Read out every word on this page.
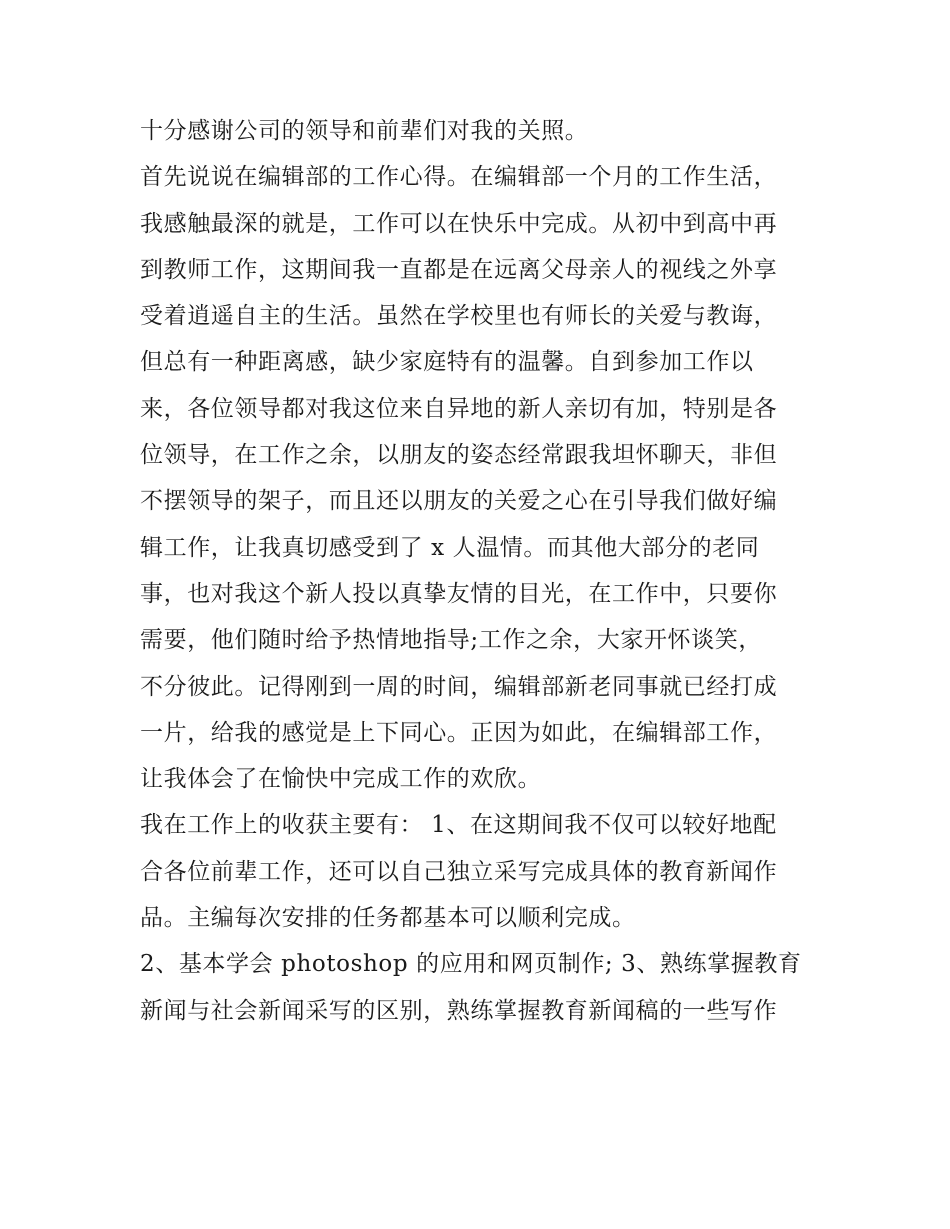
十分感谢公司的领导和前辈们对我的关照。
首先说说在编辑部的工作心得。在编辑部一个月的工作生活，
我感触最深的就是，工作可以在快乐中完成。从初中到高中再
到教师工作，这期间我一直都是在远离父母亲人的视线之外享
受着逍遥自主的生活。虽然在学校里也有师长的关爱与教诲，
但总有一种距离感，缺少家庭特有的温馨。自到参加工作以
来，各位领导都对我这位来自异地的新人亲切有加，特别是各
位领导，在工作之余，以朋友的姿态经常跟我坦怀聊天，非但
不摆领导的架子，而且还以朋友的关爱之心在引导我们做好编
辑工作，让我真切感受到了 x 人温情。而其他大部分的老同
事，也对我这个新人投以真挚友情的目光，在工作中，只要你
需要，他们随时给予热情地指导;工作之余，大家开怀谈笑，
不分彼此。记得刚到一周的时间，编辑部新老同事就已经打成
一片，给我的感觉是上下同心。正因为如此，在编辑部工作，
让我体会了在愉快中完成工作的欢欣。
我在工作上的收获主要有： 1、在这期间我不仅可以较好地配
合各位前辈工作，还可以自己独立采写完成具体的教育新闻作
品。主编每次安排的任务都基本可以顺利完成。
2、基本学会 photoshop 的应用和网页制作; 3、熟练掌握教育
新闻与社会新闻采写的区别，熟练掌握教育新闻稿的一些写作
